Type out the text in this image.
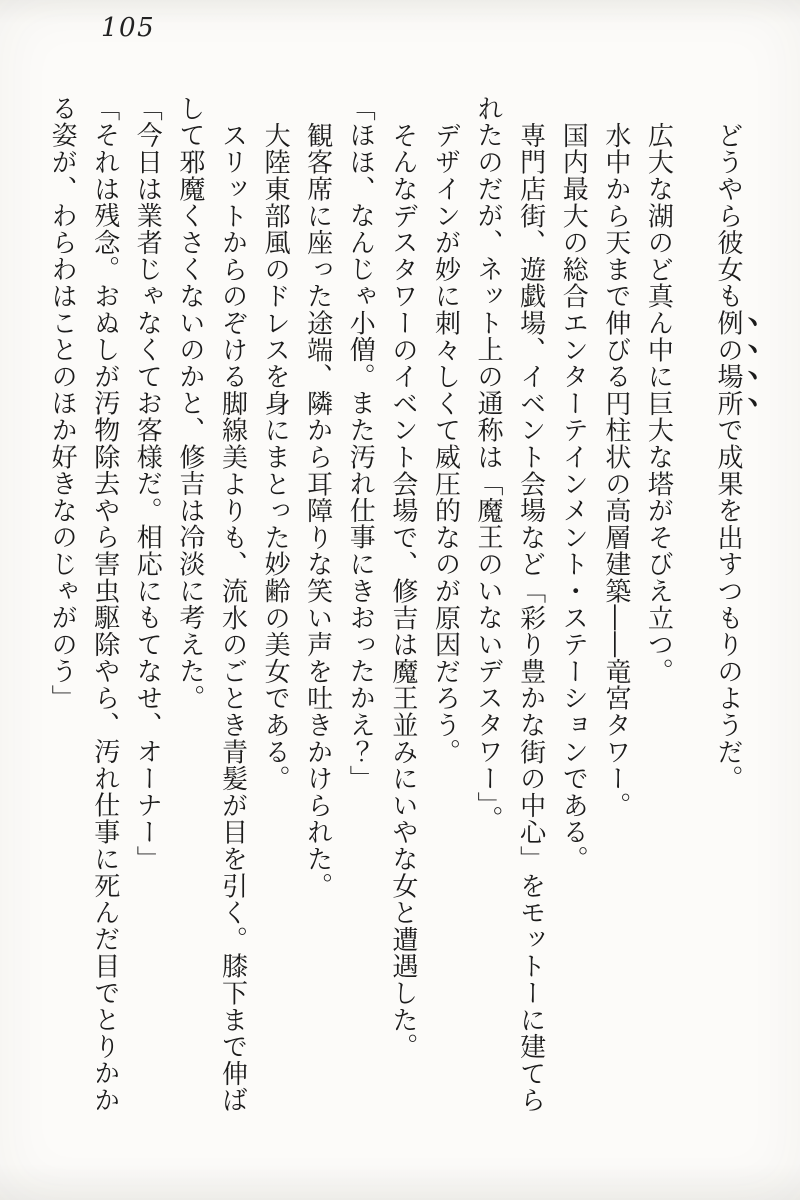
105

どうやら彼女も例の場所で成果を出すつもりのようだ。

広大な湖のど真ん中に巨大な塔がそびえ立つ。

水中から天まで伸びる円柱状の高層建築――竜宮タワー。

国内最大の総合エンターテインメント・ステーションである。

専門店街、遊戯場、イベント会場など「彩り豊かな街の中心」をモットーに建てら

れたのだが、ネット上の通称は「魔王のいないデスタワー」。

デザインが妙に刺々しくて威圧的なのが原因だろう。

そんなデスタワーのイベント会場で、修吉は魔王並みにいやな女と遭遇した。

「ほほ、なんじゃ小僧。また汚れ仕事にきおったかえ？」

観客席に座った途端、隣から耳障りな笑い声を吐きかけられた。

大陸東部風のドレスを身にまとった妙齢の美女である。

スリットからのぞける脚線美よりも、流水のごとき青髪が目を引く。膝下まで伸ば

して邪魔くさくないのかと、修吉は冷淡に考えた。

「今日は業者じゃなくてお客様だ。相応にもてなせ、オーナー」

「それは残念。おぬしが汚物除去やら害虫駆除やら、汚れ仕事に死んだ目でとりかか

る姿が、わらわはことのほか好きなのじゃがのう」
